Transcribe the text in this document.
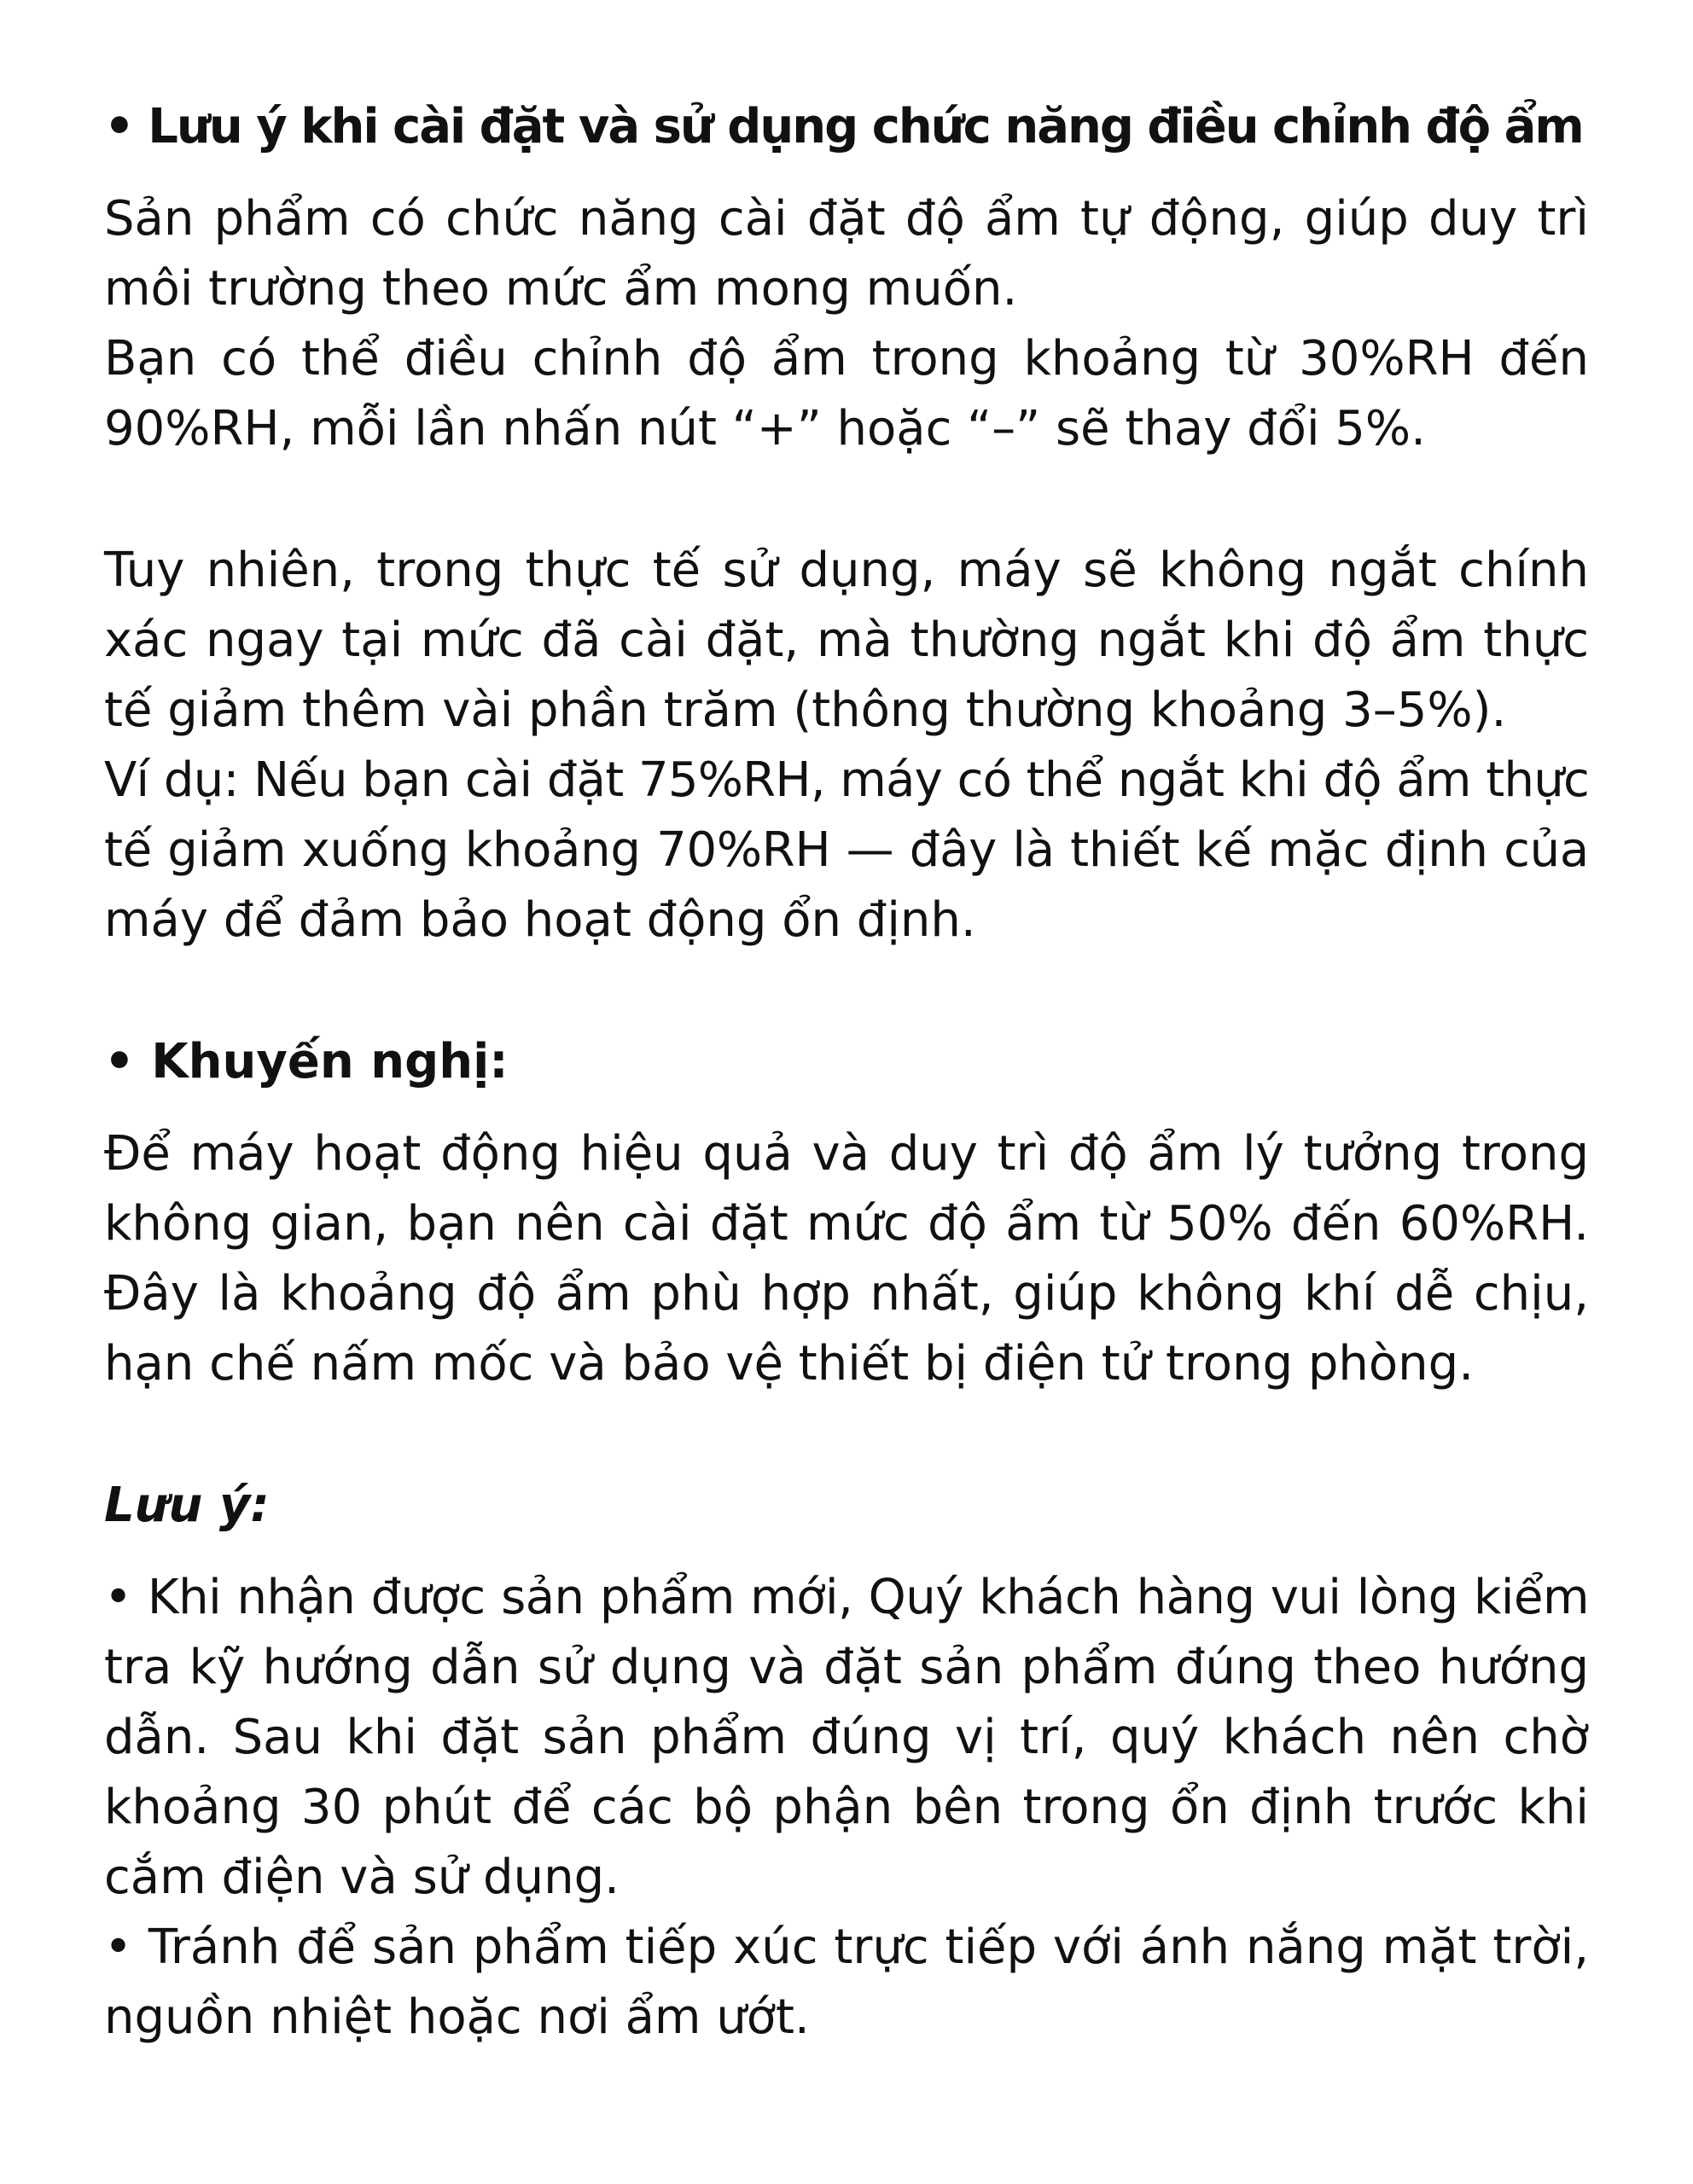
• Lưu ý khi cài đặt và sử dụng chức năng điều chỉnh độ ẩm
Sản phẩm có chức năng cài đặt độ ẩm tự động, giúp duy trì
môi trường theo mức ẩm mong muốn.
Bạn có thể điều chỉnh độ ẩm trong khoảng từ 30%RH đến
90%RH, mỗi lần nhấn nút “+” hoặc “–” sẽ thay đổi 5%.
Tuy nhiên, trong thực tế sử dụng, máy sẽ không ngắt chính
xác ngay tại mức đã cài đặt, mà thường ngắt khi độ ẩm thực
tế giảm thêm vài phần trăm (thông thường khoảng 3–5%).
Ví dụ: Nếu bạn cài đặt 75%RH, máy có thể ngắt khi độ ẩm thực
tế giảm xuống khoảng 70%RH — đây là thiết kế mặc định của
máy để đảm bảo hoạt động ổn định.
• Khuyến nghị:
Để máy hoạt động hiệu quả và duy trì độ ẩm lý tưởng trong
không gian, bạn nên cài đặt mức độ ẩm từ 50% đến 60%RH.
Đây là khoảng độ ẩm phù hợp nhất, giúp không khí dễ chịu,
hạn chế nấm mốc và bảo vệ thiết bị điện tử trong phòng.
Lưu ý:
• Khi nhận được sản phẩm mới, Quý khách hàng vui lòng kiểm
tra kỹ hướng dẫn sử dụng và đặt sản phẩm đúng theo hướng
dẫn. Sau khi đặt sản phẩm đúng vị trí, quý khách nên chờ
khoảng 30 phút để các bộ phận bên trong ổn định trước khi
cắm điện và sử dụng.
• Tránh để sản phẩm tiếp xúc trực tiếp với ánh nắng mặt trời,
nguồn nhiệt hoặc nơi ẩm ướt.
